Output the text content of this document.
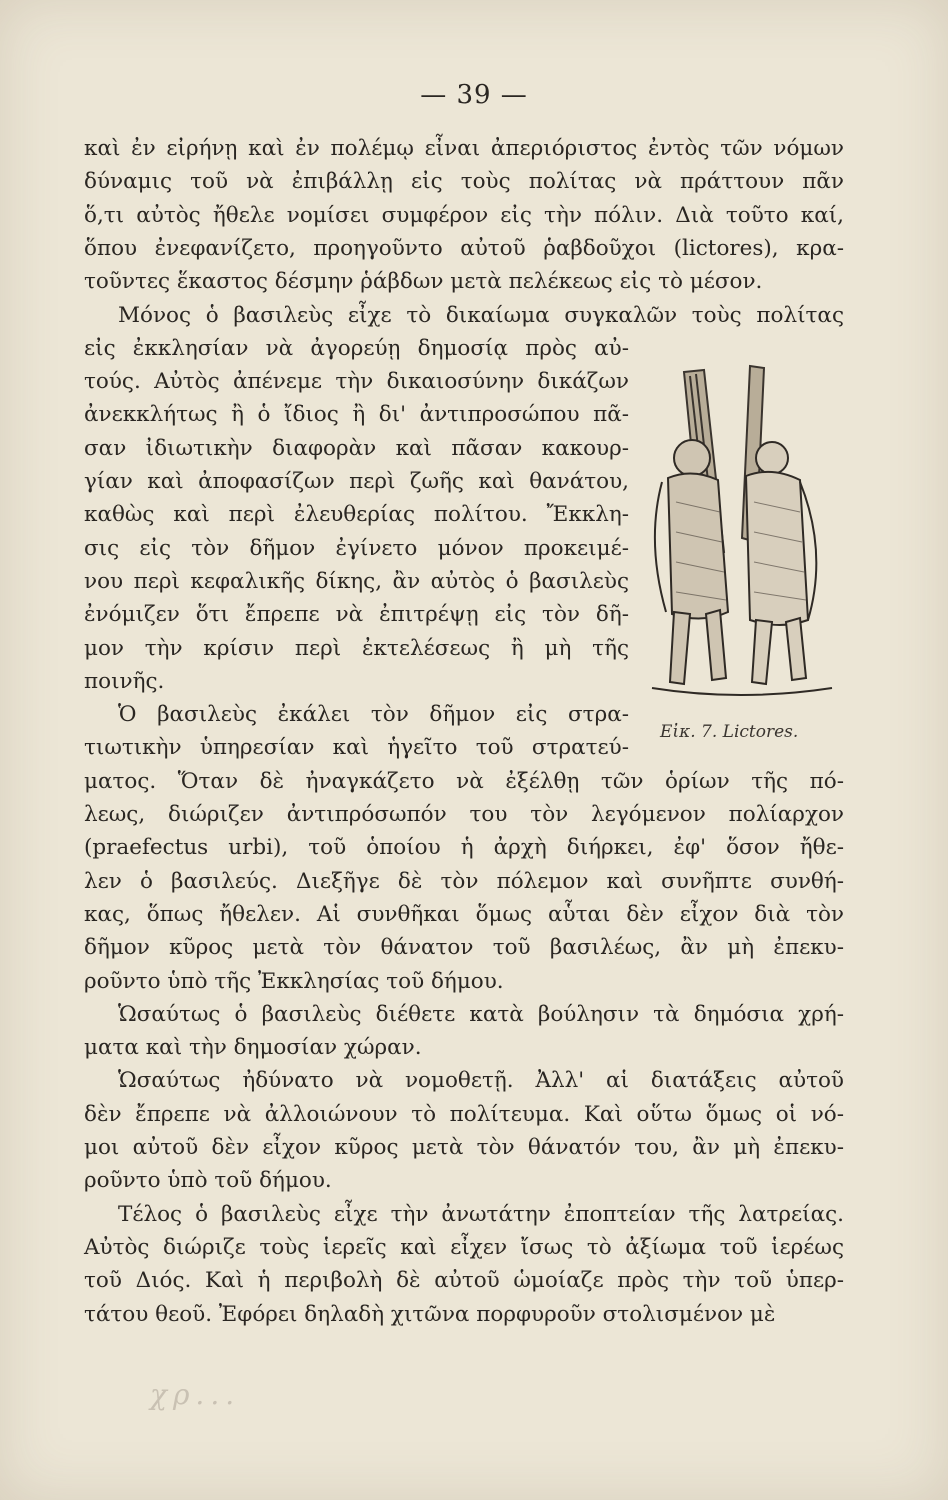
— 39 —
καὶ ἐν εἰρήνῃ καὶ ἐν πολέμῳ εἶναι ἀπεριόριστος ἐντὸς τῶν νόμων
δύναμις τοῦ νὰ ἐπιβάλλῃ εἰς τοὺς πολίτας νὰ πράττουν πᾶν
ὅ,τι αὐτὸς ἤθελε νομίσει συμφέρον εἰς τὴν πόλιν. Διὰ τοῦτο καί,
ὅπου ἐνεφανίζετο, προηγοῦντο αὐτοῦ ῥαβδοῦχοι (lictores), κρα-
τοῦντες ἕκαστος δέσμην ῥάβδων μετὰ πελέκεως εἰς τὸ μέσον.
Μόνος ὁ βασιλεὺς εἶχε τὸ δικαίωμα συγκαλῶν τοὺς πολίτας
εἰς ἐκκλησίαν νὰ ἀγορεύῃ δημοσίᾳ πρὸς αὐ-
τούς. Αὐτὸς ἀπένεμε τὴν δικαιοσύνην δικάζων
ἀνεκκλήτως ἢ ὁ ἴδιος ἢ δι' ἀντιπροσώπου πᾶ-
σαν ἰδιωτικὴν διαφορὰν καὶ πᾶσαν κακουρ-
γίαν καὶ ἀποφασίζων περὶ ζωῆς καὶ θανάτου,
καθὼς καὶ περὶ ἐλευθερίας πολίτου. Ἔκκλη-
σις εἰς τὸν δῆμον ἐγίνετο μόνον προκειμέ-
νου περὶ κεφαλικῆς δίκης, ἂν αὐτὸς ὁ βασιλεὺς
ἐνόμιζεν ὅτι ἔπρεπε νὰ ἐπιτρέψῃ εἰς τὸν δῆ-
μον τὴν κρίσιν περὶ ἐκτελέσεως ἢ μὴ τῆς
ποινῆς.
Ὁ βασιλεὺς ἐκάλει τὸν δῆμον εἰς στρα-
τιωτικὴν ὑπηρεσίαν καὶ ἡγεῖτο τοῦ στρατεύ-
ματος. Ὅταν δὲ ἠναγκάζετο νὰ ἐξέλθῃ τῶν ὁρίων τῆς πό-
λεως, διώριζεν ἀντιπρόσωπόν του τὸν λεγόμενον πολίαρχον
(praefectus urbi), τοῦ ὁποίου ἡ ἀρχὴ διήρκει, ἐφ' ὅσον ἤθε-
λεν ὁ βασιλεύς. Διεξῆγε δὲ τὸν πόλεμον καὶ συνῆπτε συνθή-
κας, ὅπως ἤθελεν. Αἱ συνθῆκαι ὅμως αὗται δὲν εἶχον διὰ τὸν
δῆμον κῦρος μετὰ τὸν θάνατον τοῦ βασιλέως, ἂν μὴ ἐπεκυ-
ροῦντο ὑπὸ τῆς Ἐκκλησίας τοῦ δήμου.
Ὡσαύτως ὁ βασιλεὺς διέθετε κατὰ βούλησιν τὰ δημόσια χρή-
ματα καὶ τὴν δημοσίαν χώραν.
Ὡσαύτως ἠδύνατο νὰ νομοθετῇ. Ἀλλ' αἱ διατάξεις αὐτοῦ
δὲν ἔπρεπε νὰ ἀλλοιώνουν τὸ πολίτευμα. Καὶ οὕτω ὅμως οἱ νό-
μοι αὐτοῦ δὲν εἶχον κῦρος μετὰ τὸν θάνατόν του, ἂν μὴ ἐπεκυ-
ροῦντο ὑπὸ τοῦ δήμου.
Τέλος ὁ βασιλεὺς εἶχε τὴν ἀνωτάτην ἐποπτείαν τῆς λατρείας.
Αὐτὸς διώριζε τοὺς ἱερεῖς καὶ εἶχεν ἴσως τὸ ἀξίωμα τοῦ ἱερέως
τοῦ Διός. Καὶ ἡ περιβολὴ δὲ αὐτοῦ ὡμοίαζε πρὸς τὴν τοῦ ὑπερ-
τάτου θεοῦ. Ἐφόρει δηλαδὴ χιτῶνα πορφυροῦν στολισμένον μὲ
Εἰκ. 7. Lictores.
χρ...
